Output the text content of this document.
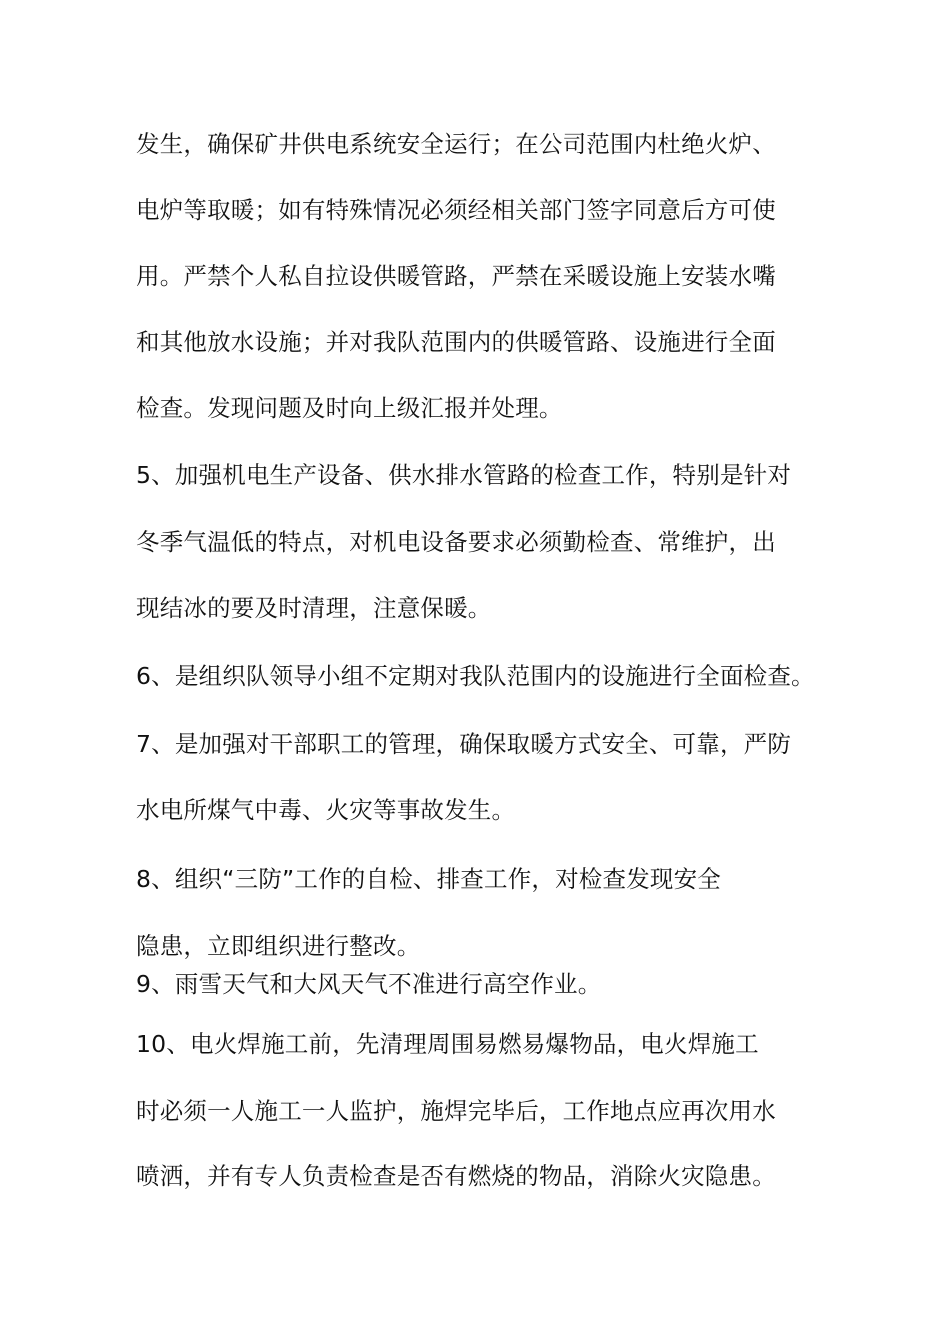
发生，确保矿井供电系统安全运行；在公司范围内杜绝火炉、
电炉等取暖；如有特殊情况必须经相关部门签字同意后方可使
用。严禁个人私自拉设供暖管路，严禁在采暖设施上安装水嘴
和其他放水设施；并对我队范围内的供暖管路、设施进行全面
检查。发现问题及时向上级汇报并处理。
5、加强机电生产设备、供水排水管路的检查工作，特别是针对
冬季气温低的特点，对机电设备要求必须勤检查、常维护，出
现结冰的要及时清理，注意保暖。
6、是组织队领导小组不定期对我队范围内的设施进行全面检查。
7、是加强对干部职工的管理，确保取暖方式安全、可靠，严防
水电所煤气中毒、火灾等事故发生。
8、组织“三防”工作的自检、排查工作，对检查发现安全
隐患，立即组织进行整改。
9、雨雪天气和大风天气不准进行高空作业。
10、电火焊施工前，先清理周围易燃易爆物品，电火焊施工
时必须一人施工一人监护，施焊完毕后，工作地点应再次用水
喷洒，并有专人负责检查是否有燃烧的物品，消除火灾隐患。
